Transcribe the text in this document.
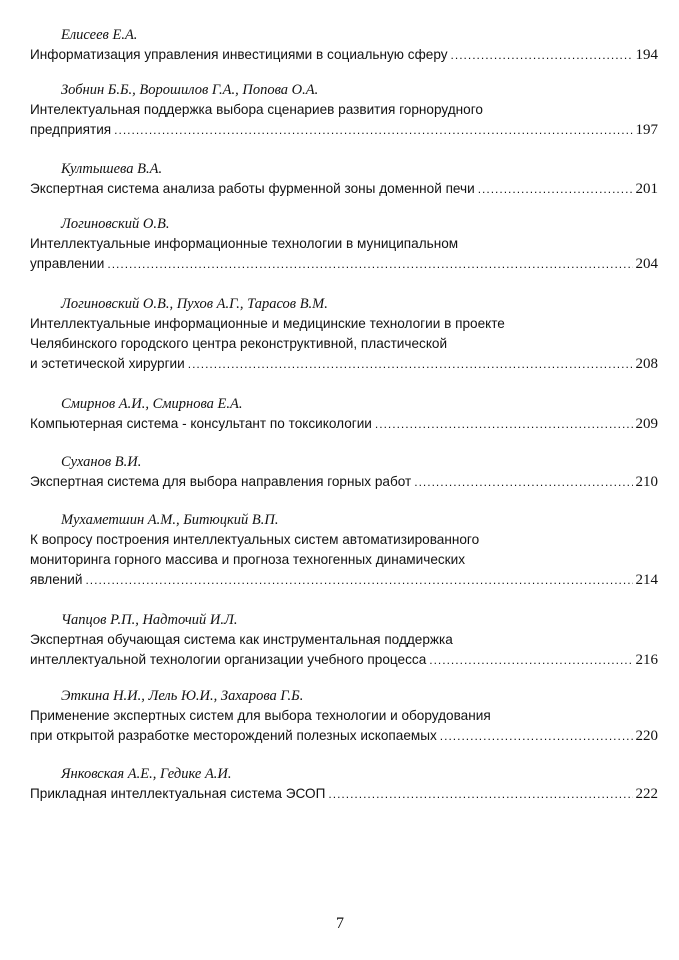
Елисеев Е.А.
Информатизация управления инвестициями в социальную сферу .....	194
Зобнин Б.Б., Ворошилов Г.А., Попова О.А.
Интелектуальная поддержка выбора сценариев развития горнорудного
предприятия .....	197
Култышева В.А.
Экспертная система анализа работы фурменной зоны доменной печи .....	201
Логиновский О.В.
Интеллектуальные информационные технологии в муниципальном
управлении .....	204
Логиновский О.В., Пухов А.Г., Тарасов В.М.
Интеллектуальные информационные и медицинские технологии в проекте
Челябинского городского центра реконструктивной, пластической
и эстетической хирургии .....	208
Смирнов А.И., Смирнова Е.А.
Компьютерная система - консультант по токсикологии .....	209
Суханов В.И.
Экспертная система для выбора направления горных работ .....	210
Мухаметшин А.М., Битюцкий В.П.
К вопросу построения интеллектуальных систем автоматизированного
мониторинга горного массива и прогноза техногенных динамических
явлений .....	214
Чапцов Р.П., Надточий И.Л.
Экспертная обучающая система как инструментальная поддержка
интеллектуальной технологии организации учебного процесса .....	216
Эткина Н.И., Лель Ю.И., Захарова Г.Б.
Применение экспертных систем для выбора технологии и оборудования
при открытой разработке месторождений полезных ископаемых .....	220
Янковская А.Е., Гедике А.И.
Прикладная интеллектуальная система ЭСОП .....	222
7
